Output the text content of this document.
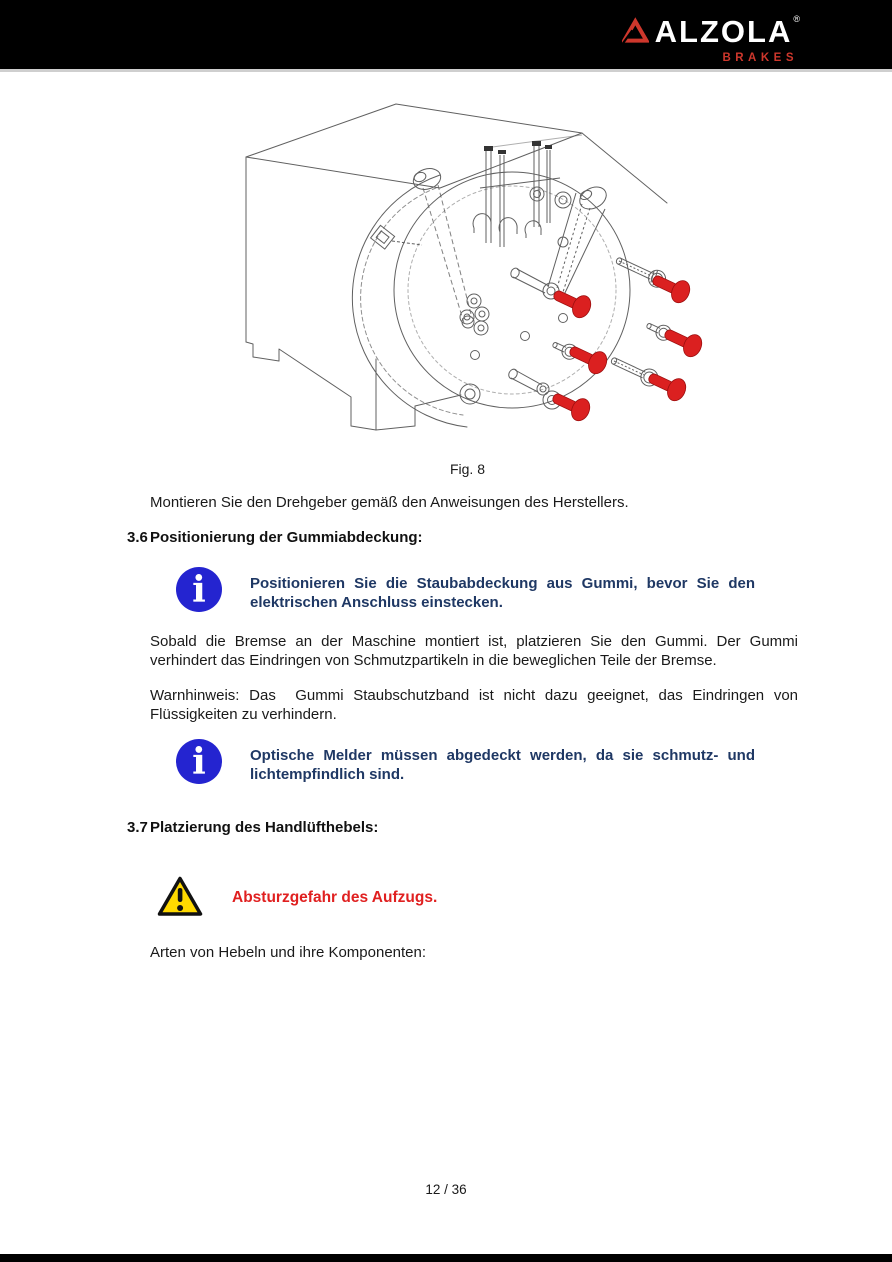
ALZOLA ®
BRAKES
Fig. 8
Montieren Sie den Drehgeber gemäß den Anweisungen des Herstellers.
3.6 Positionierung der Gummiabdeckung:
i	Positionieren Sie die Staubabdeckung aus Gummi, bevor Sie den elektrischen Anschluss einstecken.
Sobald die Bremse an der Maschine montiert ist, platzieren Sie den Gummi. Der Gummi verhindert das Eindringen von Schmutzpartikeln in die beweglichen Teile der Bremse.
Warnhinweis: Das  Gummi Staubschutzband ist nicht dazu geeignet, das Eindringen von Flüssigkeiten zu verhindern.
i	Optische Melder müssen abgedeckt werden, da sie schmutz- und lichtempfindlich sind.
3.7 Platzierung des Handlüfthebels:
Absturzgefahr des Aufzugs.
Arten von Hebeln und ihre Komponenten:
12 / 36
